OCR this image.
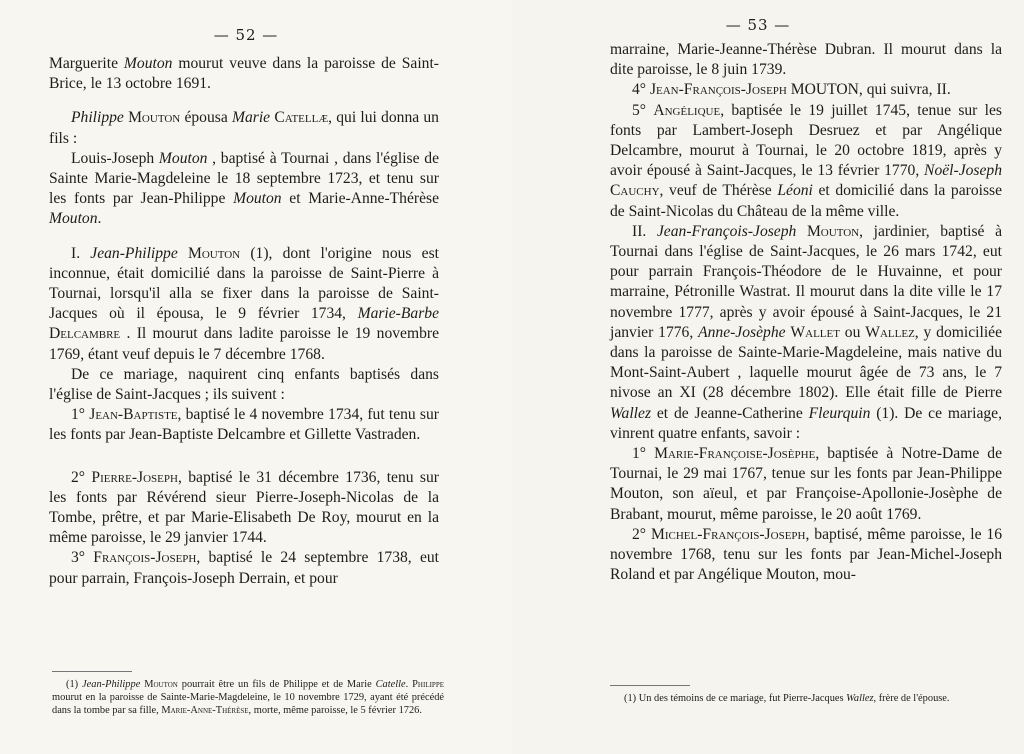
— 52 —

Marguerite Mouton mourut veuve dans la paroisse de Saint-Brice, le 13 octobre 1691.

Philippe Mouton épousa Marie Catellæ, qui lui donna un fils :

Louis-Joseph Mouton , baptisé à Tournai , dans l'église de Sainte Marie-Magdeleine le 18 septembre 1723, et tenu sur les fonts par Jean-Philippe Mouton et Marie-Anne-Thérèse Mouton.

I. Jean-Philippe Mouton (1), dont l'origine nous est inconnue, était domicilié dans la paroisse de Saint-Pierre à Tournai, lorsqu'il alla se fixer dans la paroisse de Saint-Jacques où il épousa, le 9 février 1734, Marie-Barbe Delcambre . Il mourut dans ladite paroisse le 19 novembre 1769, étant veuf depuis le 7 décembre 1768.

De ce mariage, naquirent cinq enfants baptisés dans l'église de Saint-Jacques ; ils suivent :

1° Jean-Baptiste, baptisé le 4 novembre 1734, fut tenu sur les fonts par Jean-Baptiste Delcambre et Gillette Vastraden.

2° Pierre-Joseph, baptisé le 31 décembre 1736, tenu sur les fonts par Révérend sieur Pierre-Joseph-Nicolas de la Tombe, prêtre, et par Marie-Elisabeth De Roy, mourut en la même paroisse, le 29 janvier 1744.

3° François-Joseph, baptisé le 24 septembre 1738, eut pour parrain, François-Joseph Derrain, et pour

(1) Jean-Philippe Mouton pourrait être un fils de Philippe et de Marie Catelle. Philippe mourut en la paroisse de Sainte-Marie-Magdeleine, le 10 novembre 1729, ayant été précédé dans la tombe par sa fille, Marie-Anne-Thérèse, morte, même paroisse, le 5 février 1726.

— 53 —

marraine, Marie-Jeanne-Thérèse Dubran. Il mourut dans la dite paroisse, le 8 juin 1739.

4° Jean-François-Joseph MOUTON, qui suivra, II.

5° Angélique, baptisée le 19 juillet 1745, tenue sur les fonts par Lambert-Joseph Desruez et par Angélique Delcambre, mourut à Tournai, le 20 octobre 1819, après y avoir épousé à Saint-Jacques, le 13 février 1770, Noël-Joseph Cauchy, veuf de Thérèse Léoni et domicilié dans la paroisse de Saint-Nicolas du Château de la même ville.

II. Jean-François-Joseph Mouton, jardinier, baptisé à Tournai dans l'église de Saint-Jacques, le 26 mars 1742, eut pour parrain François-Théodore de le Huvainne, et pour marraine, Pétronille Wastrat. Il mourut dans la dite ville le 17 novembre 1777, après y avoir épousé à Saint-Jacques, le 21 janvier 1776, Anne-Josèphe Wallet ou Wallez, y domiciliée dans la paroisse de Sainte-Marie-Magdeleine, mais native du Mont-Saint-Aubert , laquelle mourut âgée de 73 ans, le 7 nivose an XI (28 décembre 1802). Elle était fille de Pierre Wallez et de Jeanne-Catherine Fleurquin (1). De ce mariage, vinrent quatre enfants, savoir :

1° Marie-Françoise-Josèphe, baptisée à Notre-Dame de Tournai, le 29 mai 1767, tenue sur les fonts par Jean-Philippe Mouton, son aïeul, et par Françoise-Apollonie-Josèphe de Brabant, mourut, même paroisse, le 20 août 1769.

2° Michel-François-Joseph, baptisé, même paroisse, le 16 novembre 1768, tenu sur les fonts par Jean-Michel-Joseph Roland et par Angélique Mouton, mou-

(1) Un des témoins de ce mariage, fut Pierre-Jacques Wallez, frère de l'épouse.
